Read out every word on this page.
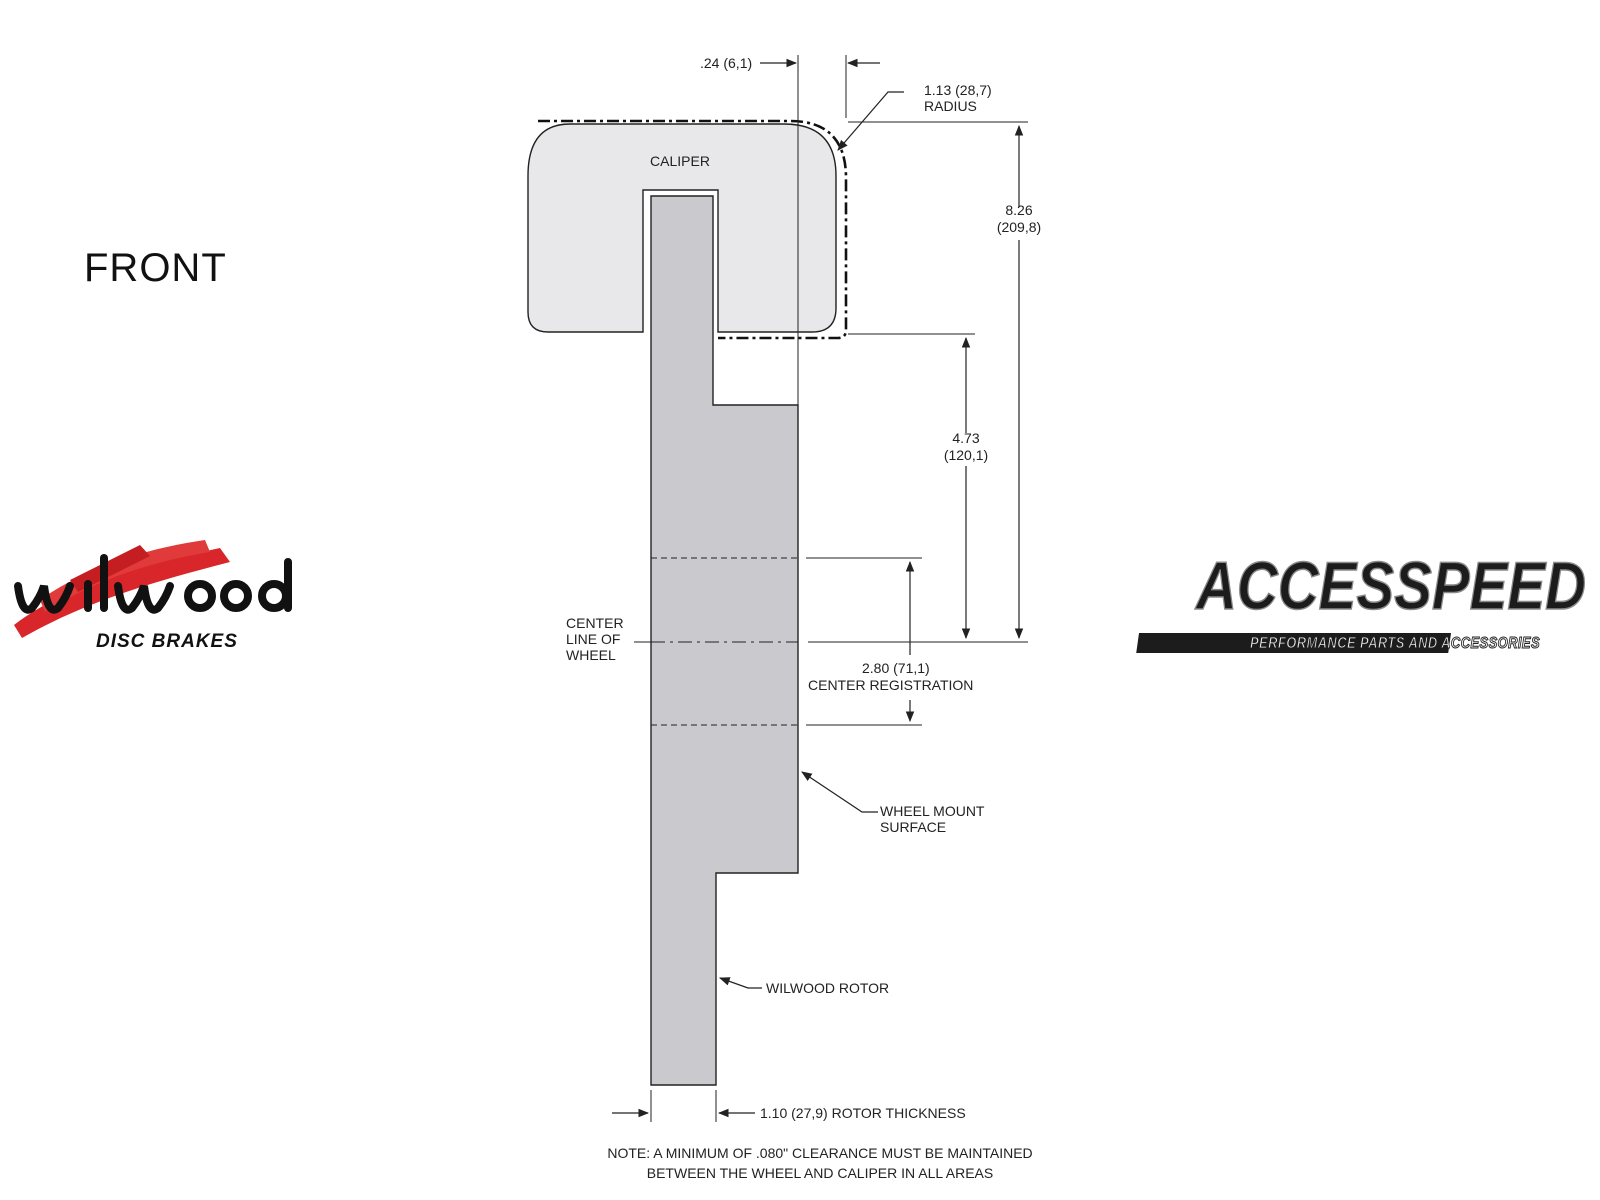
FRONT
DISC BRAKES
ACCESSPEED
PERFORMANCE PARTS AND ACCESSORIES
CALIPER
.24 (6,1)
1.13 (28,7)
RADIUS
8.26
(209,8)
4.73
(120,1)
CENTER
LINE OF
WHEEL
2.80 (71,1)
CENTER REGISTRATION
WHEEL MOUNT
SURFACE
WILWOOD ROTOR
1.10 (27,9) ROTOR THICKNESS
NOTE: A MINIMUM OF .080" CLEARANCE MUST BE MAINTAINED
BETWEEN THE WHEEL AND CALIPER IN ALL AREAS
